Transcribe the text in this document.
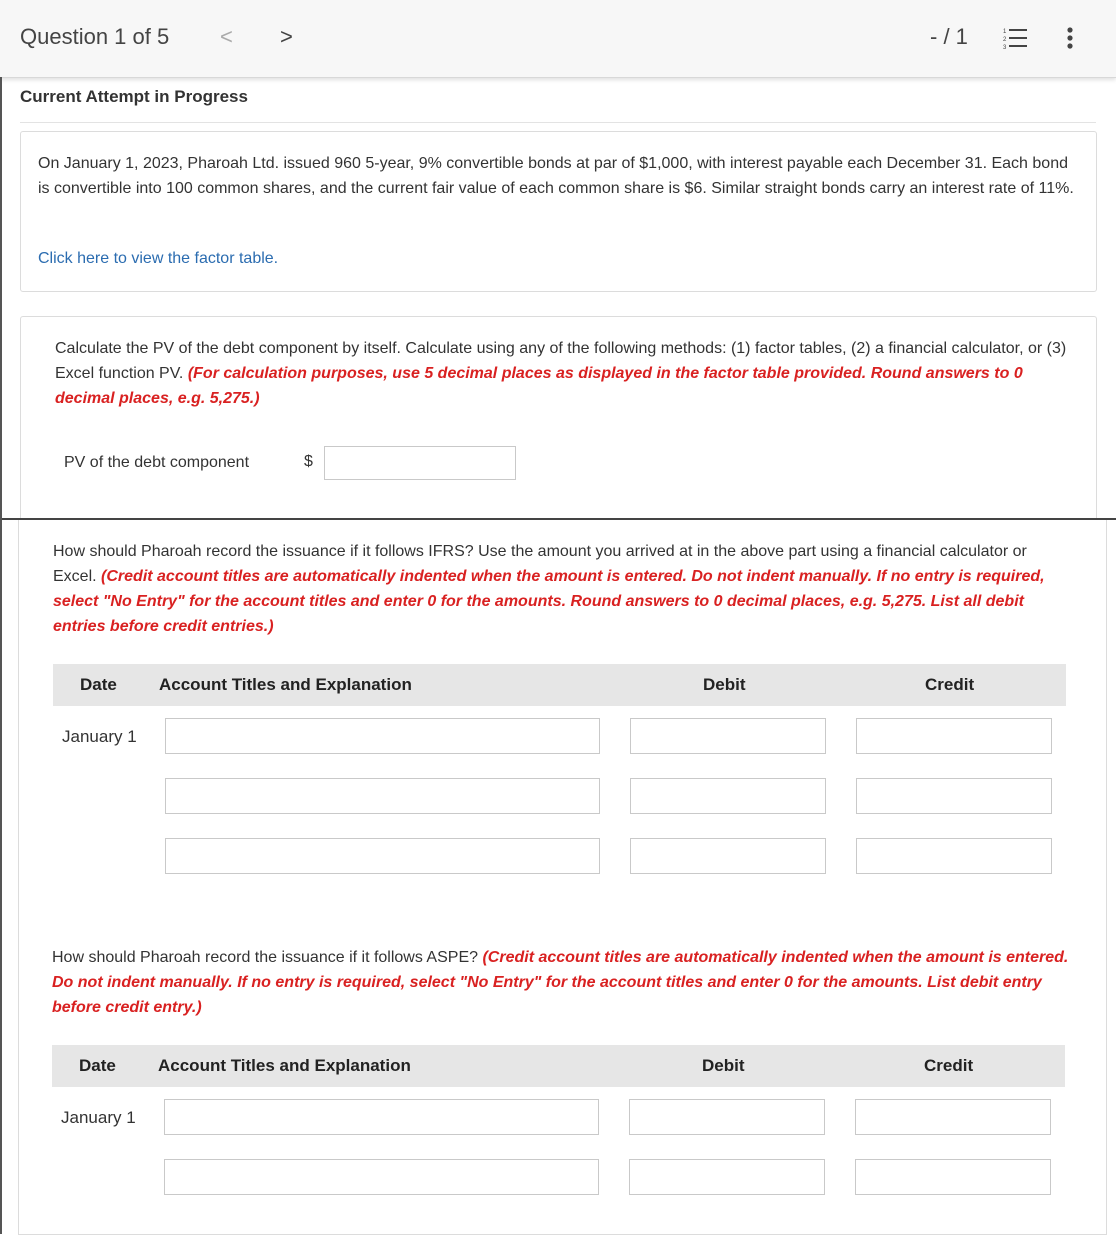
Question 1 of 5 < >	- / 1	1
2
3
Current Attempt in Progress

On January 1, 2023, Pharoah Ltd. issued 960 5-year, 9% convertible bonds at par of $1,000, with interest payable each December 31. Each bond is convertible into 100 common shares, and the current fair value of each common share is $6. Similar straight bonds carry an interest rate of 11%.

Click here to view the factor table.

Calculate the PV of the debt component by itself. Calculate using any of the following methods: (1) factor tables, (2) a financial calculator, or (3) Excel function PV. (For calculation purposes, use 5 decimal places as displayed in the factor table provided. Round answers to 0 decimal places, e.g. 5,275.)

PV of the debt component	$

How should Pharoah record the issuance if it follows IFRS? Use the amount you arrived at in the above part using a financial calculator or Excel. (Credit account titles are automatically indented when the amount is entered. Do not indent manually. If no entry is required, select "No Entry" for the account titles and enter 0 for the amounts. Round answers to 0 decimal places, e.g. 5,275. List all debit entries before credit entries.)

Date Account Titles and Explanation	Debit	Credit
January 1

How should Pharoah record the issuance if it follows ASPE? (Credit account titles are automatically indented when the amount is entered. Do not indent manually. If no entry is required, select "No Entry" for the account titles and enter 0 for the amounts. List debit entry before credit entry.)

Date Account Titles and Explanation	Debit	Credit
January 1
